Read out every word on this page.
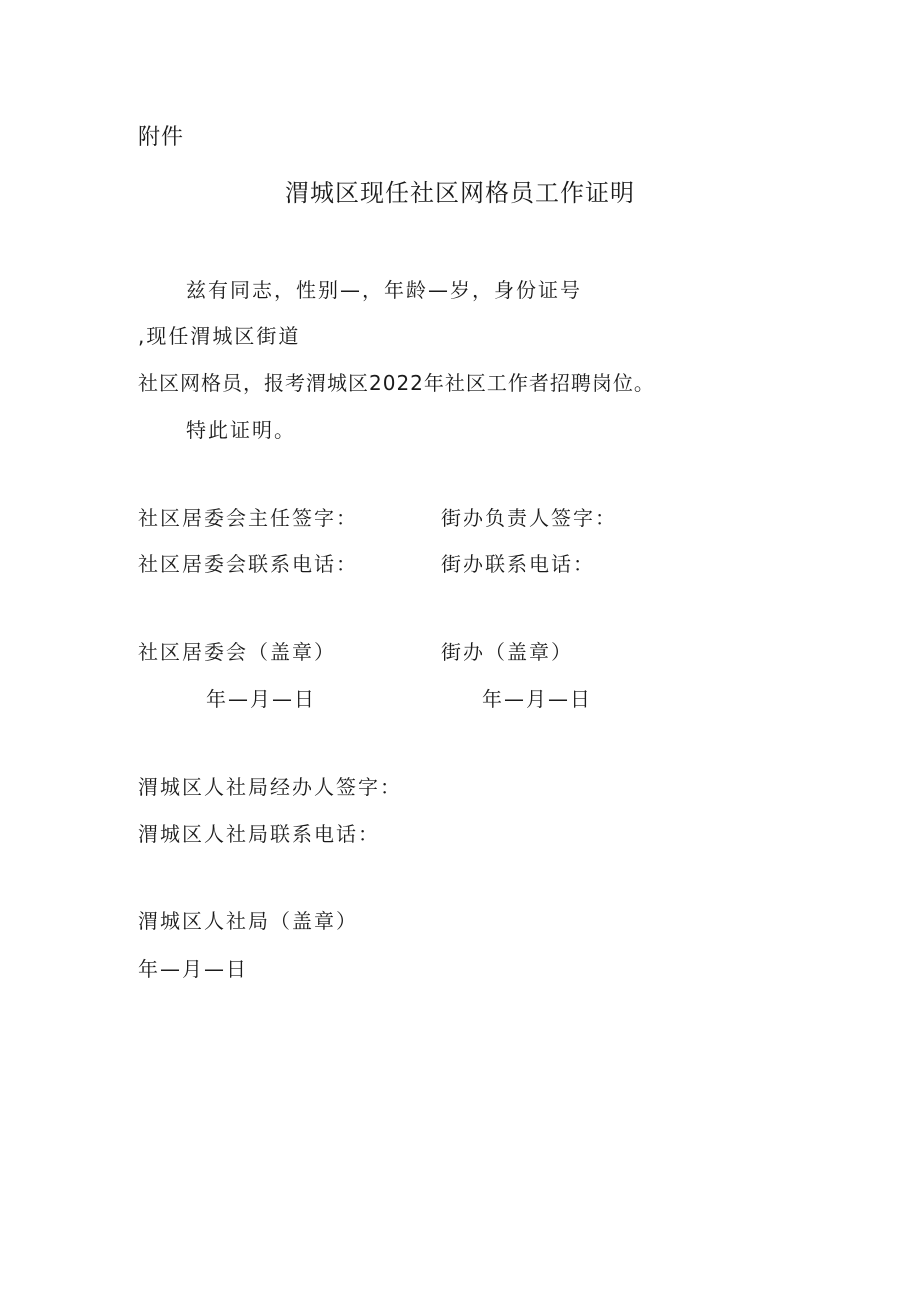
附件
渭城区现任社区网格员工作证明
兹有同志，性别—，年龄—岁，身份证号
,现任渭城区街道
社区网格员，报考渭城区2022年社区工作者招聘岗位。
特此证明。
社区居委会主任签字：	街办负责人签字：
社区居委会联系电话：	街办联系电话：
社区居委会（盖章）	街办（盖章）
年—月—日	年—月—日
渭城区人社局经办人签字：
渭城区人社局联系电话：
渭城区人社局（盖章）
年—月—日
